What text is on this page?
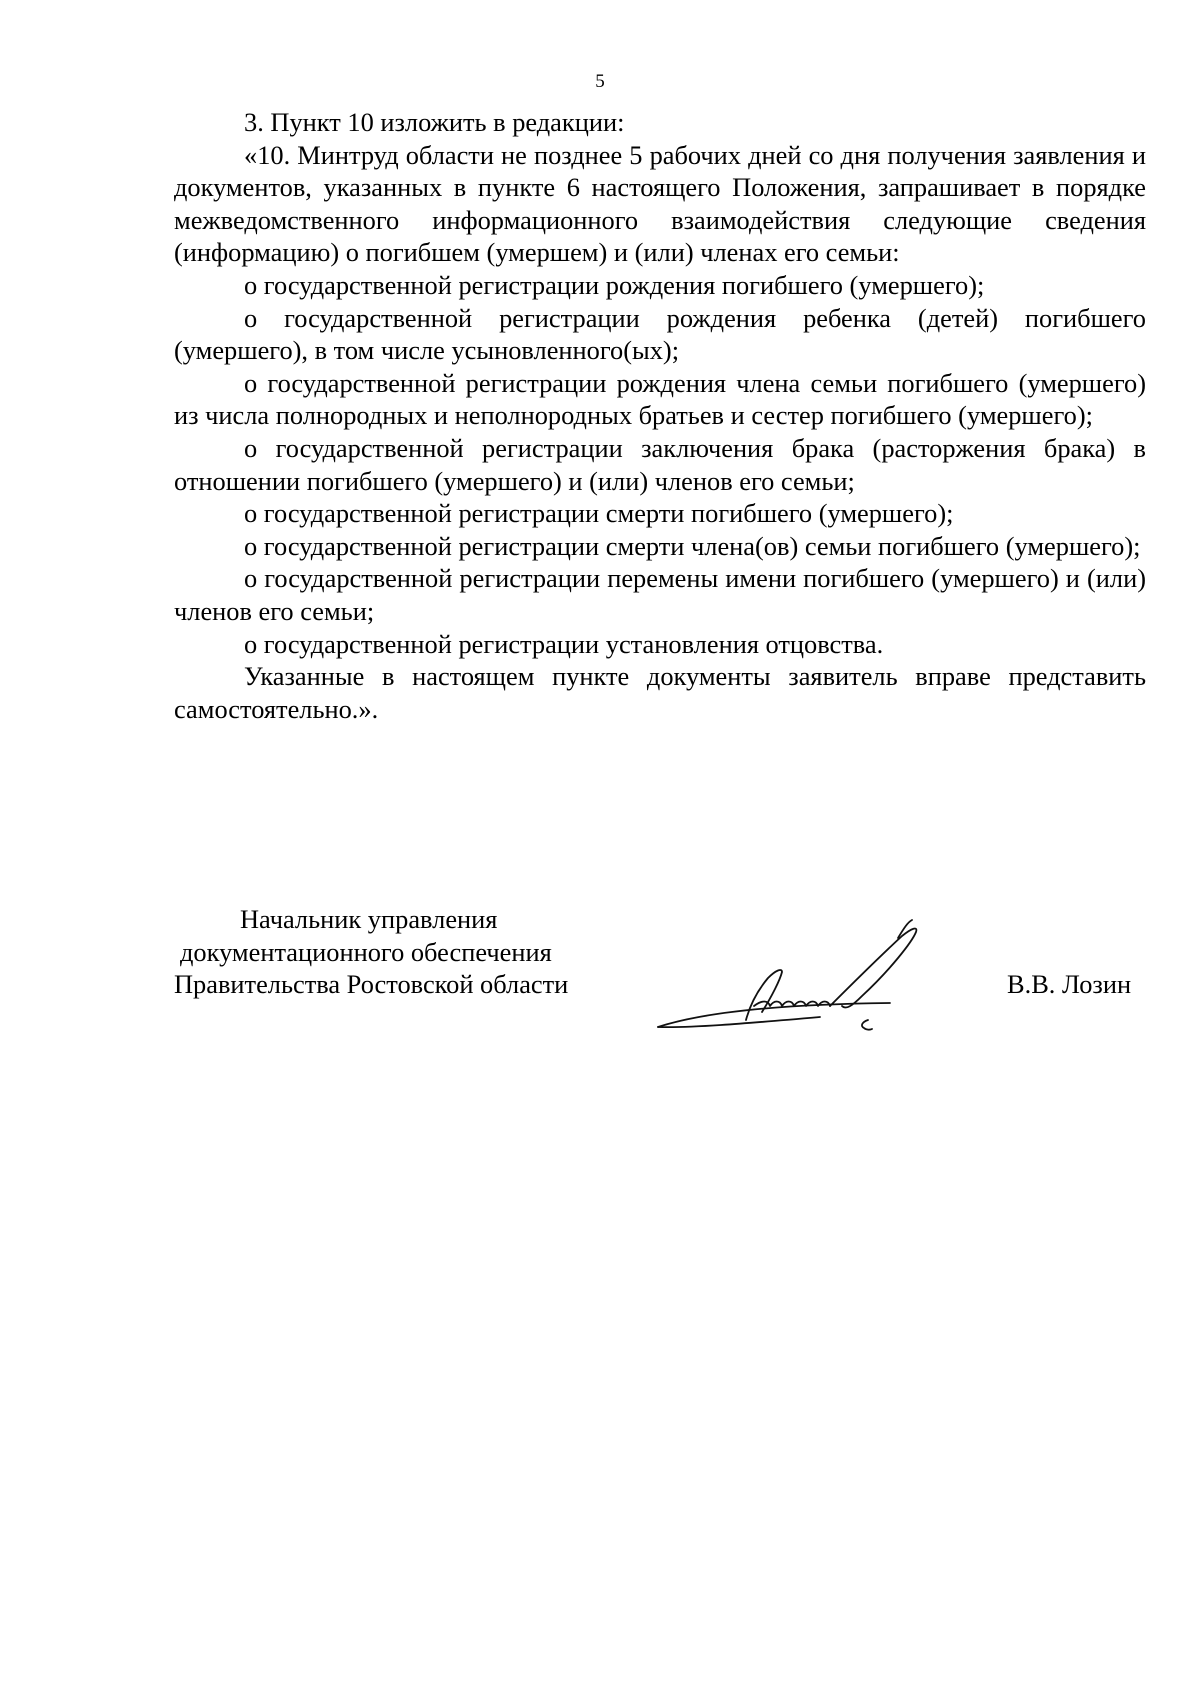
5

3. Пункт 10 изложить в редакции:

«10. Минтруд области не позднее 5 рабочих дней со дня получения заявления и документов, указанных в пункте 6 настоящего Положения, запрашивает в порядке межведомственного информационного взаимодействия следующие сведения (информацию) о погибшем (умершем) и (или) членах его семьи:

о государственной регистрации рождения погибшего (умершего);

о государственной регистрации рождения ребенка (детей) погибшего (умершего), в том числе усыновленного(ых);

о государственной регистрации рождения члена семьи погибшего (умершего) из числа полнородных и неполнородных братьев и сестер погибшего (умершего);

о государственной регистрации заключения брака (расторжения брака) в отношении погибшего (умершего) и (или) членов его семьи;

о государственной регистрации смерти погибшего (умершего);

о государственной регистрации смерти члена(ов) семьи погибшего (умершего);

о государственной регистрации перемены имени погибшего (умершего) и (или) членов его семьи;

о государственной регистрации установления отцовства.

Указанные в настоящем пункте документы заявитель вправе представить самостоятельно.».

Начальник управления
документационного обеспечения
Правительства Ростовской области	В.В. Лозин
